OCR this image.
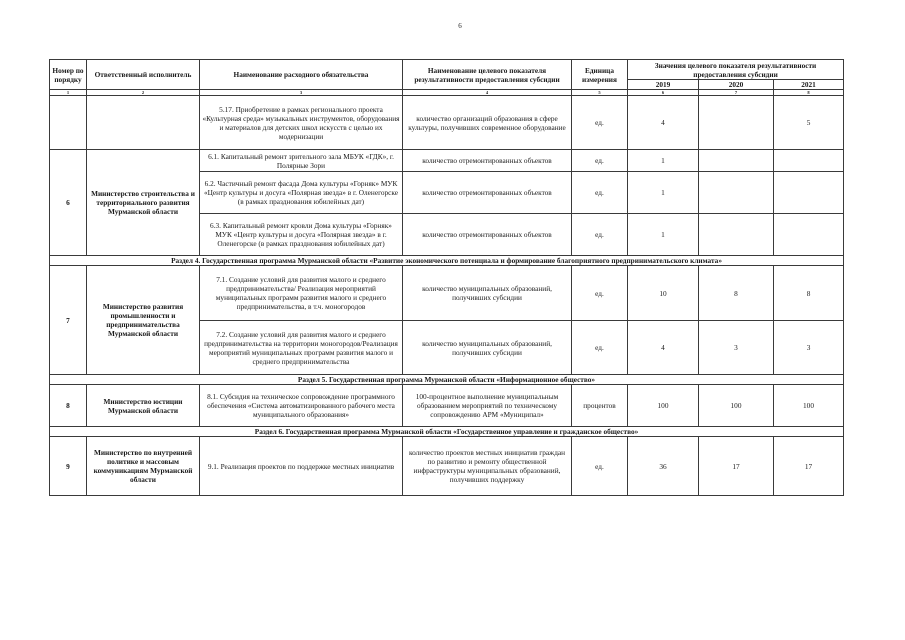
6
Номер по порядку	Ответственный исполнитель	Наименование расходного обязательства	Наименование целевого показателя результативности предоставления субсидии	Единица измерения	Значения целевого показателя результативности предоставления субсидии		
					2019	2020	2021
1	2	3	4	5	6	7	8
		5.17. Приобретение в рамках регионального проекта «Культурная среда» музыкальных инструментов, оборудования и материалов для детских школ искусств с целью их модернизации	количество организаций образования в сфере культуры, получивших современное оборудование	ед.	4		5
6	Министерство строительства и территориального развития Мурманской области	6.1. Капитальный ремонт зрительного зала МБУК «ГДК», г. Полярные Зори	количество отремонтированных объектов	ед.	1		
		6.2. Частичный ремонт фасада Дома культуры «Горняк» МУК «Центр культуры и досуга «Полярная звезда» в г. Оленегорске (в рамках празднования юбилейных дат)	количество отремонтированных объектов	ед.	1		
		6.3. Капитальный ремонт кровли Дома культуры «Горняк» МУК «Центр культуры и досуга «Полярная звезда» в г. Оленегорске (в рамках празднования юбилейных дат)	количество отремонтированных объектов	ед.	1		
Раздел 4. Государственная программа Мурманской области «Развитие экономического потенциала и формирование благоприятного предпринимательского климата»							
7	Министерство развития промышленности и предпринимательства Мурманской области	7.1. Создание условий для развития малого и среднего предпринимательства/ Реализация мероприятий муниципальных программ развития малого и среднего предпринимательства, в т.ч. моногородов	количество муниципальных образований, получивших субсидии	ед.	10	8	8
		7.2. Создание условий для развития малого и среднего предпринимательства на территории моногородов/Реализация мероприятий муниципальных программ развития малого и среднего предпринимательства	количество муниципальных образований, получивших субсидии	ед.	4	3	3
Раздел 5. Государственная программа Мурманской области «Информационное общество»							
8	Министерство юстиции Мурманской области	8.1. Субсидия на техническое сопровождение программного обеспечения «Система автоматизированного рабочего места муниципального образования»	100-процентное выполнение муниципальным образованием мероприятий по техническому сопровождению АРМ «Муниципал»	процентов	100	100	100
Раздел 6. Государственная программа Мурманской области «Государственное управление и гражданское общество»							
9	Министерство по внутренней политике и массовым коммуникациям Мурманской области	9.1. Реализация проектов по поддержке местных инициатив	количество проектов местных инициатив граждан по развитию и ремонту общественной инфраструктуры муниципальных образований, получивших поддержку	ед.	36	17	17
